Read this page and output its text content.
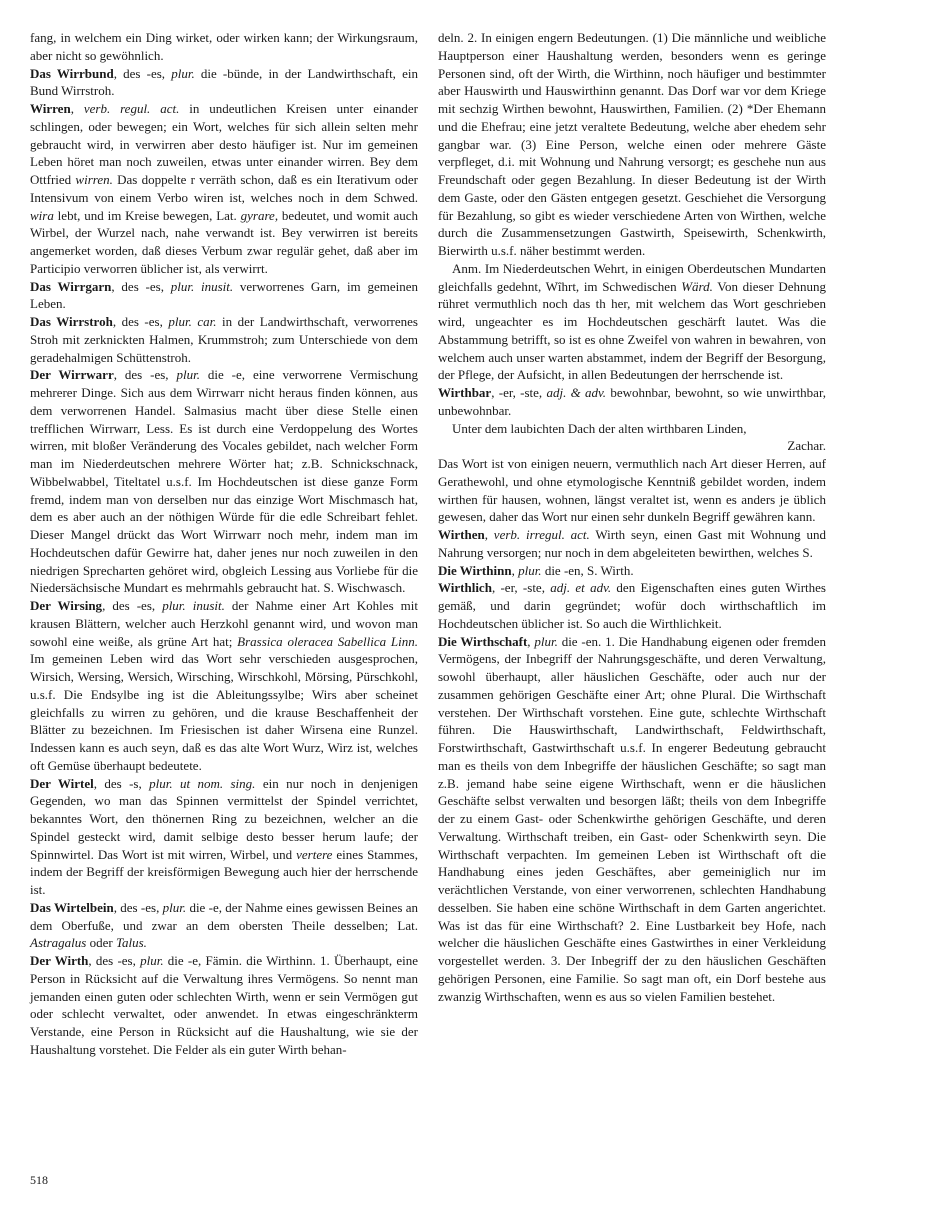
fang, in welchem ein Ding wirket, oder wirken kann; der Wirkungsraum, aber nicht so gewöhnlich.

Das Wirrbund, des -es, plur. die -bünde, in der Landwirthschaft, ein Bund Wirrstroh.

Wirren, verb. regul. act. in undeutlichen Kreisen unter einander schlingen, oder bewegen; ein Wort, welches für sich allein selten mehr gebraucht wird, in verwirren aber desto häufiger ist. Nur im gemeinen Leben höret man noch zuweilen, etwas unter einander wirren. Bey dem Ottfried wirren. Das doppelte r verräth schon, daß es ein Iterativum oder Intensivum von einem Verbo wiren ist, welches noch in dem Schwed. wira lebt, und im Kreise bewegen, Lat. gyrare, bedeutet, und womit auch Wirbel, der Wurzel nach, nahe verwandt ist. Bey verwirren ist bereits angemerket worden, daß dieses Verbum zwar regulär gehet, daß aber im Participio verworren üblicher ist, als verwirrt.

Das Wirrgarn, des -es, plur. inusit. verworrenes Garn, im gemeinen Leben.

Das Wirrstroh, des -es, plur. car. in der Landwirthschaft, verworrenes Stroh mit zerknickten Halmen, Krummstroh; zum Unterschiede von dem geradehalmigen Schüttenstroh.

Der Wirrwarr, des -es, plur. die -e, eine verworrene Vermischung mehrerer Dinge. Sich aus dem Wirrwarr nicht heraus finden können, aus dem verworrenen Handel. Salmasius macht über diese Stelle einen trefflichen Wirrwarr, Less. Es ist durch eine Verdoppelung des Wortes wirren, mit bloßer Veränderung des Vocales gebildet, nach welcher Form man im Niederdeutschen mehrere Wörter hat; z.B. Schnickschnack, Wibbelwabbel, Titeltatel u.s.f. Im Hochdeutschen ist diese ganze Form fremd, indem man von derselben nur das einzige Wort Mischmasch hat, dem es aber auch an der nöthigen Würde für die edle Schreibart fehlet. Dieser Mangel drückt das Wort Wirrwarr noch mehr, indem man im Hochdeutschen dafür Gewirre hat, daher jenes nur noch zuweilen in den niedrigen Sprecharten gehöret wird, obgleich Lessing aus Vorliebe für die Niedersächsische Mundart es mehrmahls gebraucht hat. S. Wischwasch.

Der Wirsing, des -es, plur. inusit. der Nahme einer Art Kohles mit krausen Blättern, welcher auch Herzkohl genannt wird, und wovon man sowohl eine weiße, als grüne Art hat; Brassica oleracea Sabellica Linn. Im gemeinen Leben wird das Wort sehr verschieden ausgesprochen, Wirsich, Wersing, Wersich, Wirsching, Wirschkohl, Mörsing, Pürschkohl, u.s.f. Die Endsylbe ing ist die Ableitungssylbe; Wirs aber scheinet gleichfalls zu wirren zu gehören, und die krause Beschaffenheit der Blätter zu bezeichnen. Im Friesischen ist daher Wirsena eine Runzel. Indessen kann es auch seyn, daß es das alte Wort Wurz, Wirz ist, welches oft Gemüse überhaupt bedeutete.

Der Wirtel, des -s, plur. ut nom. sing. ein nur noch in denjenigen Gegenden, wo man das Spinnen vermittelst der Spindel verrichtet, bekanntes Wort, den thönernen Ring zu bezeichnen, welcher an die Spindel gesteckt wird, damit selbige desto besser herum laufe; der Spinnwirtel. Das Wort ist mit wirren, Wirbel, und vertere eines Stammes, indem der Begriff der kreisförmigen Bewegung auch hier der herrschende ist.

Das Wirtelbein, des -es, plur. die -e, der Nahme eines gewissen Beines an dem Oberfuße, und zwar an dem obersten Theile desselben; Lat. Astragalus oder Talus.

Der Wirth, des -es, plur. die -e, Fämin. die Wirthinn. 1. Überhaupt, eine Person in Rücksicht auf die Verwaltung ihres Vermögens. So nennt man jemanden einen guten oder schlechten Wirth, wenn er sein Vermögen gut oder schlecht verwaltet, oder anwendet. In etwas eingeschränkterm Verstande, eine Person in Rücksicht auf die Haushaltung, wie sie der Haushaltung vorstehet. Die Felder als ein guter Wirth behan-

deln. 2. In einigen engern Bedeutungen. (1) Die männliche und weibliche Hauptperson einer Haushaltung werden, besonders wenn es geringe Personen sind, oft der Wirth, die Wirthinn, noch häufiger und bestimmter aber Hauswirth und Hauswirthinn genannt. Das Dorf war vor dem Kriege mit sechzig Wirthen bewohnt, Hauswirthen, Familien. (2) *Der Ehemann und die Ehefrau; eine jetzt veraltete Bedeutung, welche aber ehedem sehr gangbar war. (3) Eine Person, welche einen oder mehrere Gäste verpfleget, d.i. mit Wohnung und Nahrung versorgt; es geschehe nun aus Freundschaft oder gegen Bezahlung. In dieser Bedeutung ist der Wirth dem Gaste, oder den Gästen entgegen gesetzt. Geschiehet die Versorgung für Bezahlung, so gibt es wieder verschiedene Arten von Wirthen, welche durch die Zusammensetzungen Gastwirth, Speisewirth, Schenkwirth, Bierwirth u.s.f. näher bestimmt werden.

Anm. Im Niederdeutschen Wehrt, in einigen Oberdeutschen Mundarten gleichfalls gedehnt, Wîhrt, im Schwedischen Wärd. Von dieser Dehnung rühret vermuthlich noch das th her, mit welchem das Wort geschrieben wird, ungeachter es im Hochdeutschen geschärft lautet. Was die Abstammung betrifft, so ist es ohne Zweifel von wahren in bewahren, von welchem auch unser warten abstammet, indem der Begriff der Besorgung, der Pflege, der Aufsicht, in allen Bedeutungen der herrschende ist.

Wirthbar, -er, -ste, adj. & adv. bewohnbar, bewohnt, so wie unwirthbar, unbewohnbar.

Unter dem laubichten Dach der alten wirthbaren Linden,

Zachar.

Das Wort ist von einigen neuern, vermuthlich nach Art dieser Herren, auf Gerathewohl, und ohne etymologische Kenntniß gebildet worden, indem wirthen für hausen, wohnen, längst veraltet ist, wenn es anders je üblich gewesen, daher das Wort nur einen sehr dunkeln Begriff gewähren kann.

Wirthen, verb. irregul. act. Wirth seyn, einen Gast mit Wohnung und Nahrung versorgen; nur noch in dem abgeleiteten bewirthen, welches S.

Die Wirthinn, plur. die -en, S. Wirth.

Wirthlich, -er, -ste, adj. et adv. den Eigenschaften eines guten Wirthes gemäß, und darin gegründet; wofür doch wirthschaftlich im Hochdeutschen üblicher ist. So auch die Wirthlichkeit.

Die Wirthschaft, plur. die -en. 1. Die Handhabung eigenen oder fremden Vermögens, der Inbegriff der Nahrungsgeschäfte, und deren Verwaltung, sowohl überhaupt, aller häuslichen Geschäfte, oder auch nur der zusammen gehörigen Geschäfte einer Art; ohne Plural. Die Wirthschaft verstehen. Der Wirthschaft vorstehen. Eine gute, schlechte Wirthschaft führen. Die Hauswirthschaft, Landwirthschaft, Feldwirthschaft, Forstwirthschaft, Gastwirthschaft u.s.f. In engerer Bedeutung gebraucht man es theils von dem Inbegriffe der häuslichen Geschäfte; so sagt man z.B. jemand habe seine eigene Wirthschaft, wenn er die häuslichen Geschäfte selbst verwalten und besorgen läßt; theils von dem Inbegriffe der zu einem Gast- oder Schenkwirthe gehörigen Geschäfte, und deren Verwaltung. Wirthschaft treiben, ein Gast- oder Schenkwirth seyn. Die Wirthschaft verpachten. Im gemeinen Leben ist Wirthschaft oft die Handhabung eines jeden Geschäftes, aber gemeiniglich nur im verächtlichen Verstande, von einer verworrenen, schlechten Handhabung desselben. Sie haben eine schöne Wirthschaft in dem Garten angerichtet. Was ist das für eine Wirthschaft? 2. Eine Lustbarkeit bey Hofe, nach welcher die häuslichen Geschäfte eines Gastwirthes in einer Verkleidung vorgestellet werden. 3. Der Inbegriff der zu den häuslichen Geschäften gehörigen Personen, eine Familie. So sagt man oft, ein Dorf bestehe aus zwanzig Wirthschaften, wenn es aus so vielen Familien bestehet.

518
